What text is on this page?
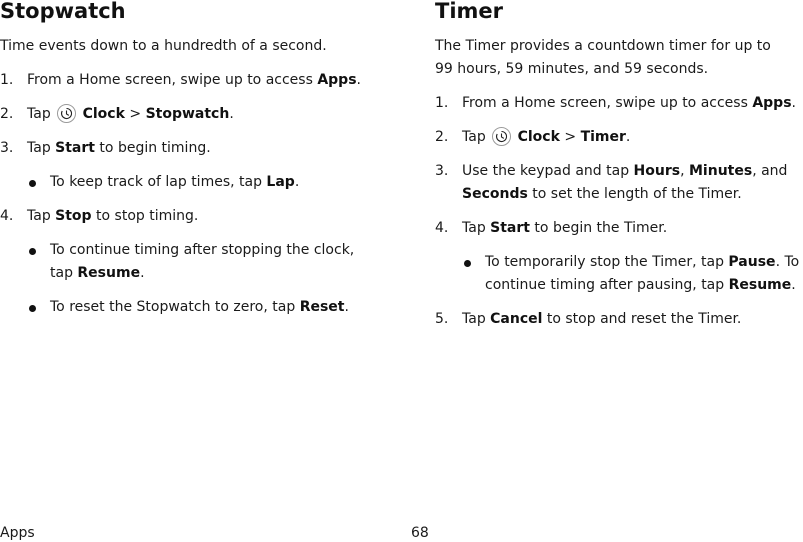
Stopwatch

Time events down to a hundredth of a second.

1. From a Home screen, swipe up to access Apps.
2. Tap
Clock > Stopwatch.
3. Tap Start to begin timing.
To keep track of lap times, tap Lap.
4. Tap Stop to stop timing.
To continue timing after stopping the clock, tap Resume.
To reset the Stopwatch to zero, tap Reset.
Timer

The Timer provides a countdown timer for up to
99 hours, 59 minutes, and 59 seconds.

1. From a Home screen, swipe up to access Apps.
2. Tap
Clock > Timer.
3. Use the keypad and tap Hours, Minutes, and Seconds to set the length of the Timer.
4. Tap Start to begin the Timer.
To temporarily stop the Timer, tap Pause. To continue timing after pausing, tap Resume.
5. Tap Cancel to stop and reset the Timer.
Apps	68
